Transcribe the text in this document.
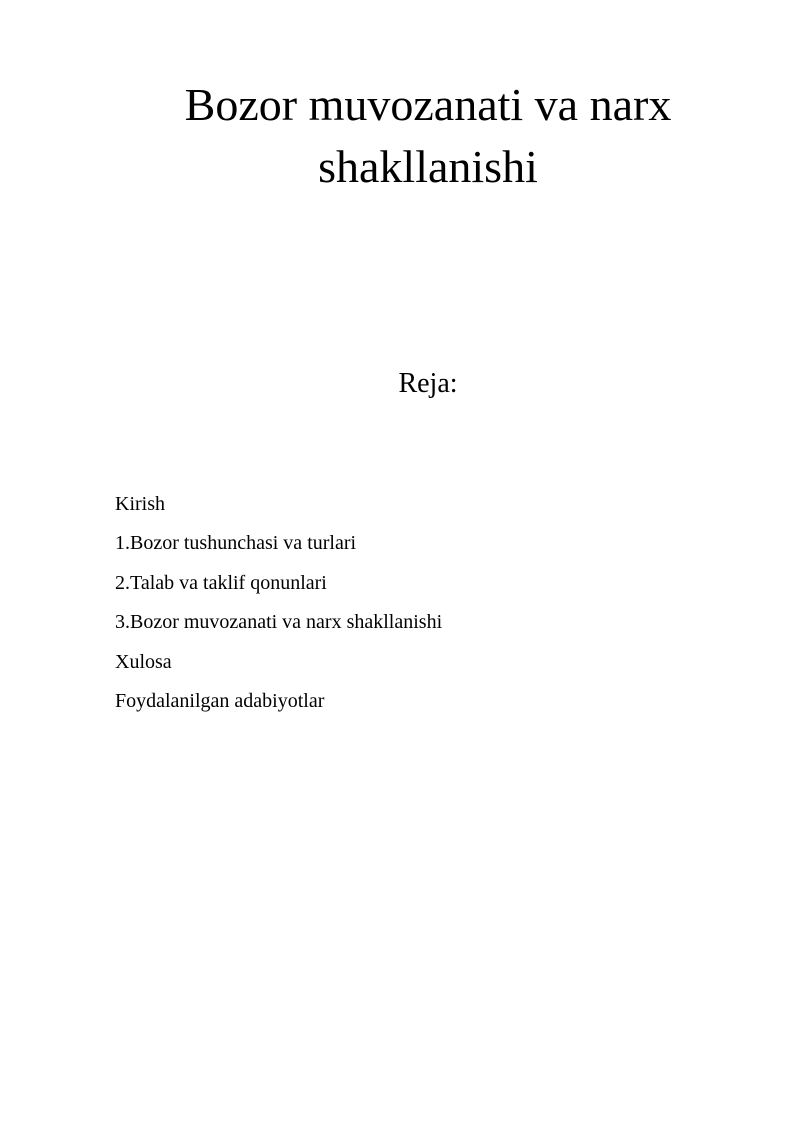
Bozor muvozanati va narx shakllanishi
Reja:
Kirish
1.Bozor tushunchasi va turlari
2.Talab va taklif qonunlari
3.Bozor muvozanati va narx shakllanishi
Xulosa
Foydalanilgan adabiyotlar
